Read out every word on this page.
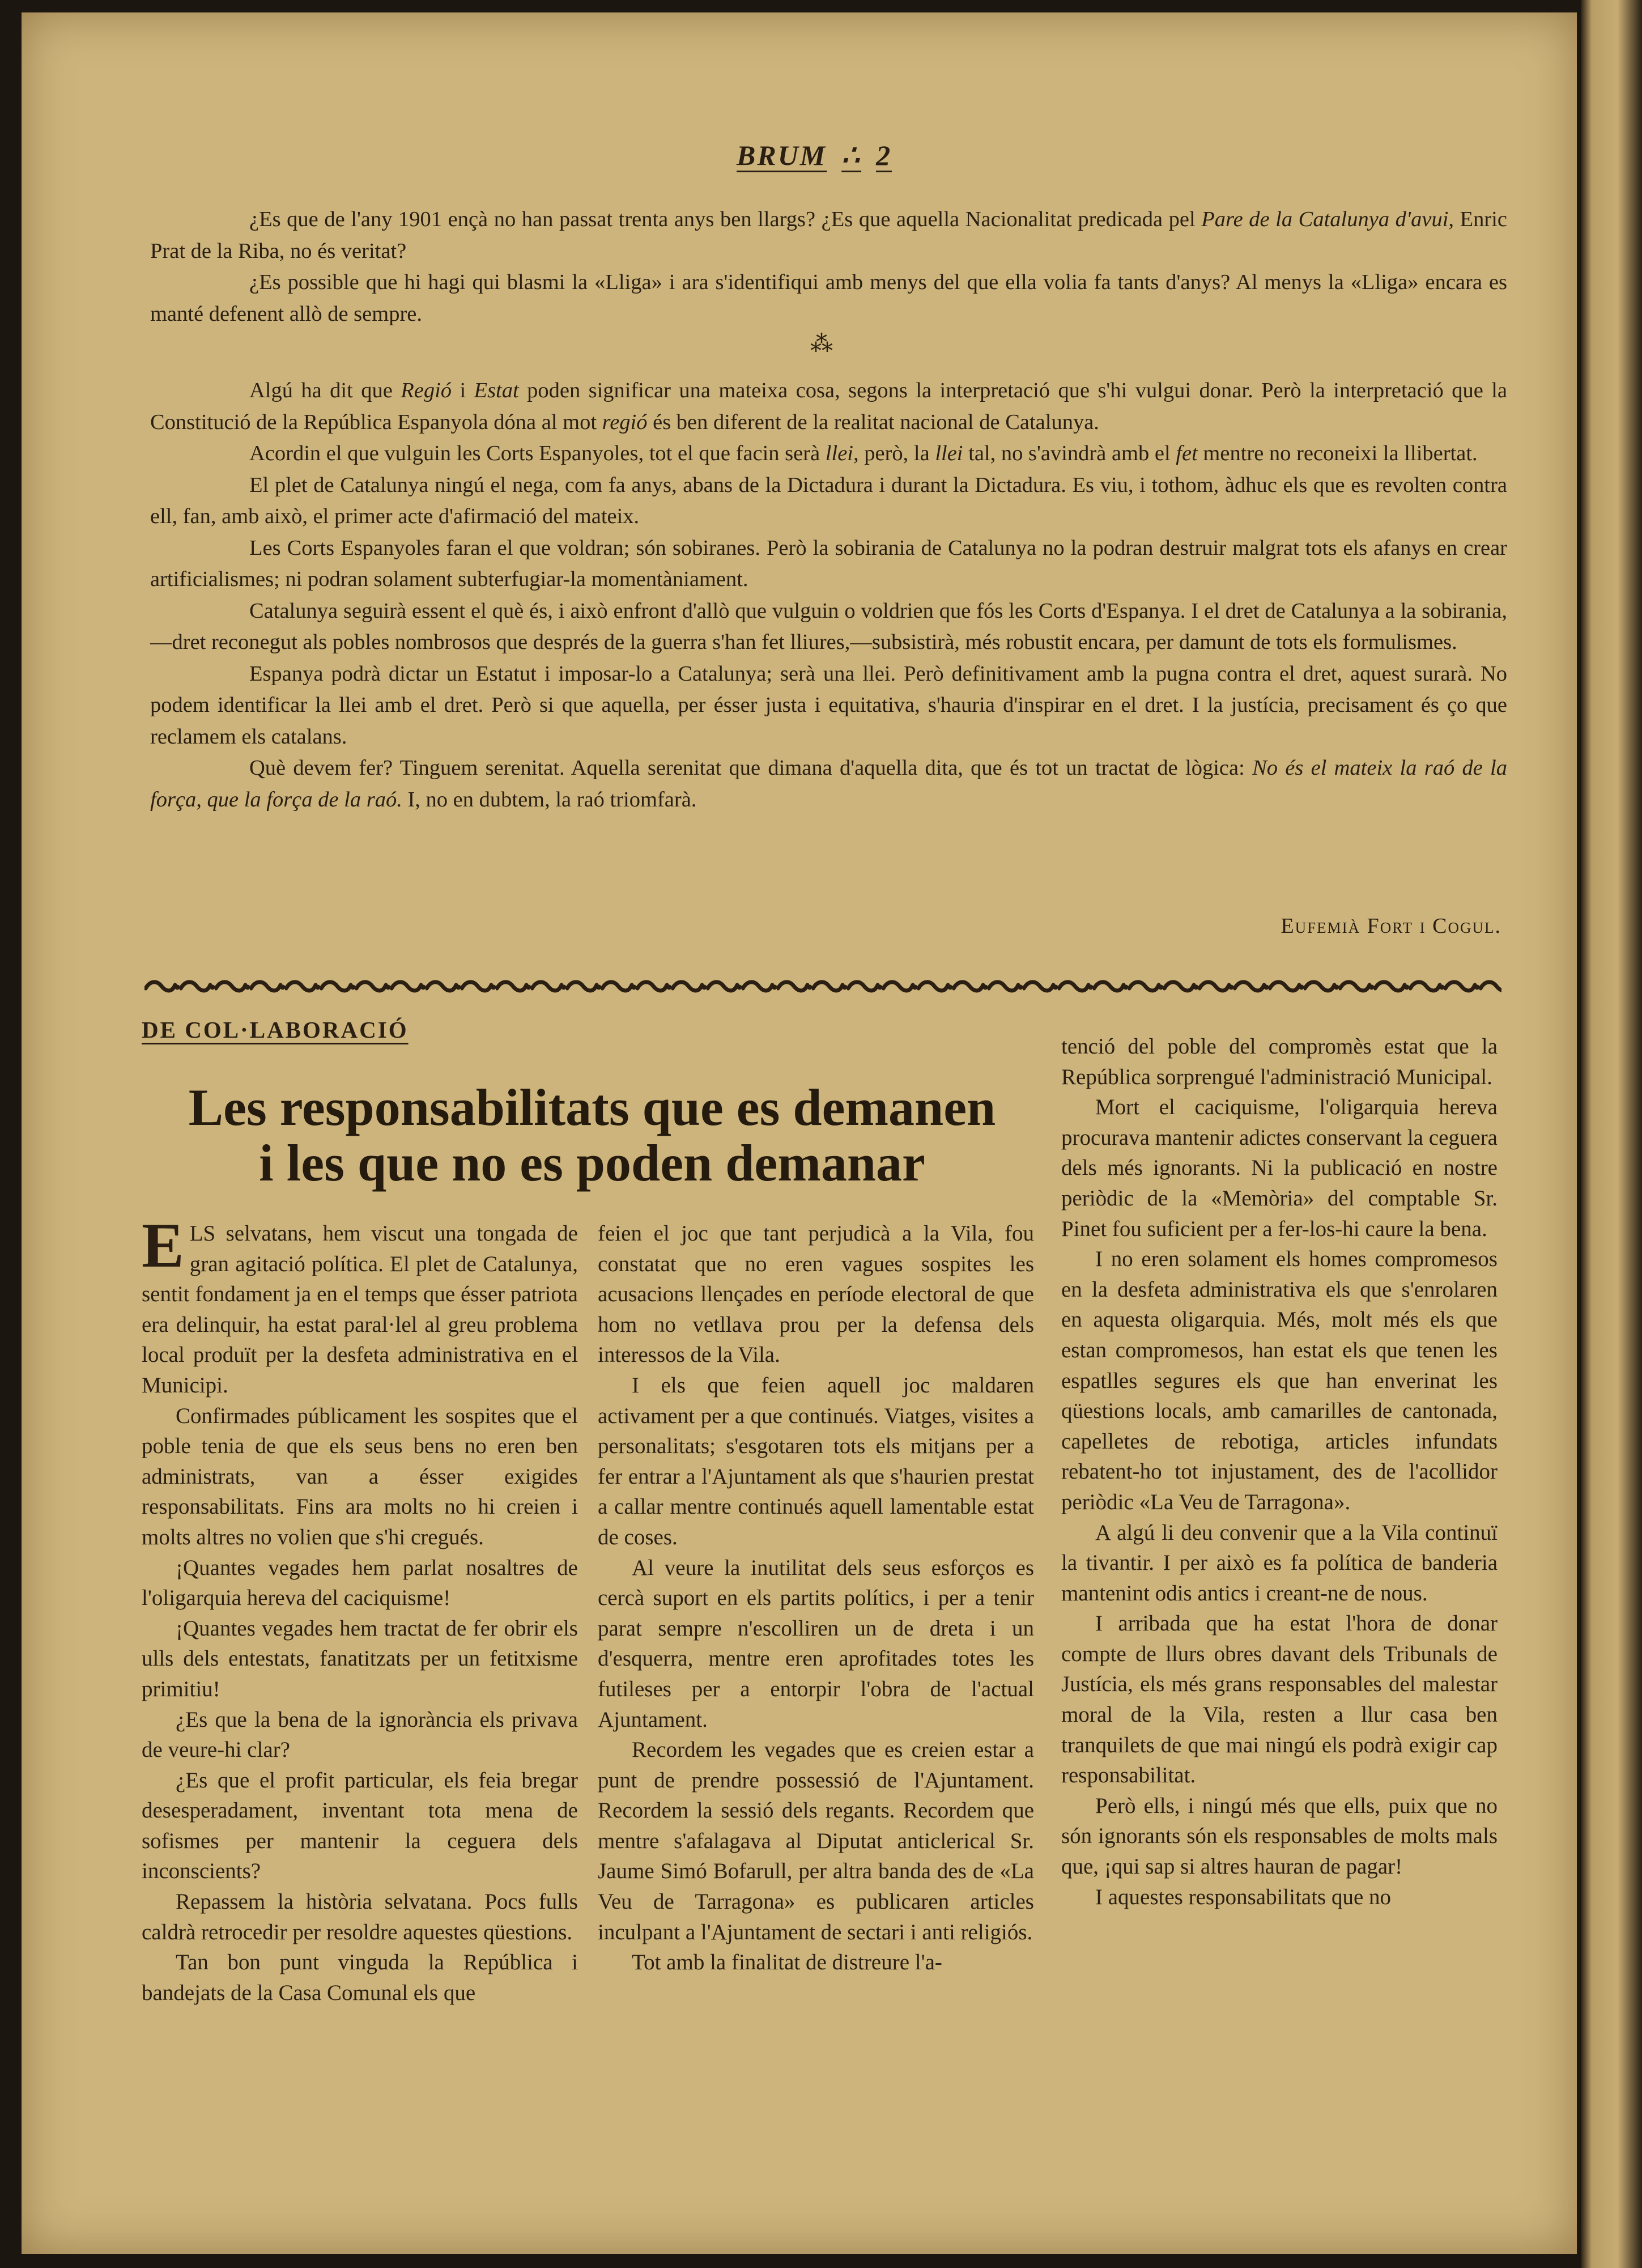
BRUM ∴ 2

¿Es que de l'any 1901 ençà no han passat trenta anys ben llargs? ¿Es que aquella Nacionalitat predicada pel Pare de la Catalunya d'avui, Enric Prat de la Riba, no és veritat?

¿Es possible que hi hagi qui blasmi la «Lliga» i ara s'identifiqui amb menys del que ella volia fa tants d'anys? Al menys la «Lliga» encara es manté defenent allò de sempre.

⁂

Algú ha dit que Regió i Estat poden significar una mateixa cosa, segons la interpretació que s'hi vulgui donar. Però la interpretació que la Constitució de la República Espanyola dóna al mot regió és ben diferent de la realitat nacional de Catalunya.

Acordin el que vulguin les Corts Espanyoles, tot el que facin serà llei, però, la llei tal, no s'avindrà amb el fet mentre no reconeixi la llibertat.

El plet de Catalunya ningú el nega, com fa anys, abans de la Dictadura i durant la Dictadura. Es viu, i tothom, àdhuc els que es revolten contra ell, fan, amb això, el primer acte d'afirmació del mateix.

Les Corts Espanyoles faran el que voldran; són sobiranes. Però la sobirania de Catalunya no la podran destruir malgrat tots els afanys en crear artificialismes; ni podran solament subterfugiar-la momentàniament.

Catalunya seguirà essent el què és, i això enfront d'allò que vulguin o voldrien que fós les Corts d'Espanya. I el dret de Catalunya a la sobirania,—dret reconegut als pobles nombrosos que després de la guerra s'han fet lliures,—subsistirà, més robustit encara, per damunt de tots els formulismes.

Espanya podrà dictar un Estatut i imposar-lo a Catalunya; serà una llei. Però definitivament amb la pugna contra el dret, aquest surarà. No podem identificar la llei amb el dret. Però si que aquella, per ésser justa i equitativa, s'hauria d'inspirar en el dret. I la justícia, precisament és ço que reclamem els catalans.

Què devem fer? Tinguem serenitat. Aquella serenitat que dimana d'aquella dita, que és tot un tractat de lògica: No és el mateix la raó de la força, que la força de la raó. I, no en dubtem, la raó triomfarà.

Eufemià Fort i Cogul.
DE COL·LABORACIÓ
Les responsabilitats que es demanen
i les que no es poden demanar

ELS selvatans, hem viscut una tongada de gran agitació política. El plet de Catalunya, sentit fondament ja en el temps que ésser patriota era delinquir, ha estat paral·lel al greu problema local produït per la desfeta administrativa en el Municipi.

Confirmades públicament les sospites que el poble tenia de que els seus bens no eren ben administrats, van a ésser exigides responsabilitats. Fins ara molts no hi creien i molts altres no volien que s'hi cregués.

¡Quantes vegades hem parlat nosaltres de l'oligarquia hereva del caciquisme!

¡Quantes vegades hem tractat de fer obrir els ulls dels entestats, fanatitzats per un fetitxisme primitiu!

¿Es que la bena de la ignorància els privava de veure-hi clar?

¿Es que el profit particular, els feia bregar desesperadament, inventant tota mena de sofismes per mantenir la ceguera dels inconscients?

Repassem la història selvatana. Pocs fulls caldrà retrocedir per resoldre aquestes qüestions.

Tan bon punt vinguda la República i bandejats de la Casa Comunal els que

feien el joc que tant perjudicà a la Vila, fou constatat que no eren vagues sospites les acusacions llençades en període electoral de que hom no vetllava prou per la defensa dels interessos de la Vila.

I els que feien aquell joc maldaren activament per a que continués. Viatges, visites a personalitats; s'esgotaren tots els mitjans per a fer entrar a l'Ajuntament als que s'haurien prestat a callar mentre continués aquell lamentable estat de coses.

Al veure la inutilitat dels seus esforços es cercà suport en els partits polítics, i per a tenir parat sempre n'escolliren un de dreta i un d'esquerra, mentre eren aprofitades totes les futileses per a entorpir l'obra de l'actual Ajuntament.

Recordem les vegades que es creien estar a punt de prendre possessió de l'Ajuntament. Recordem la sessió dels regants. Recordem que mentre s'afalagava al Diputat anticlerical Sr. Jaume Simó Bofarull, per altra banda des de «La Veu de Tarragona» es publicaren articles inculpant a l'Ajuntament de sectari i anti religiós.

Tot amb la finalitat de distreure l'a-

tenció del poble del compromès estat que la República sorprengué l'administració Municipal.

Mort el caciquisme, l'oligarquia hereva procurava mantenir adictes conservant la ceguera dels més ignorants. Ni la publicació en nostre periòdic de la «Memòria» del comptable Sr. Pinet fou suficient per a fer-los-hi caure la bena.

I no eren solament els homes compromesos en la desfeta administrativa els que s'enrolaren en aquesta oligarquia. Més, molt més els que estan compromesos, han estat els que tenen les espatlles segures els que han enverinat les qüestions locals, amb camarilles de cantonada, capelletes de rebotiga, articles infundats rebatent-ho tot injustament, des de l'acollidor periòdic «La Veu de Tarragona».

A algú li deu convenir que a la Vila continuï la tivantir. I per això es fa política de banderia mantenint odis antics i creant-ne de nous.

I arribada que ha estat l'hora de donar compte de llurs obres davant dels Tribunals de Justícia, els més grans responsables del malestar moral de la Vila, resten a llur casa ben tranquilets de que mai ningú els podrà exigir cap responsabilitat.

Però ells, i ningú més que ells, puix que no són ignorants són els responsables de molts mals que, ¡qui sap si altres hauran de pagar!

I aquestes responsabilitats que no
